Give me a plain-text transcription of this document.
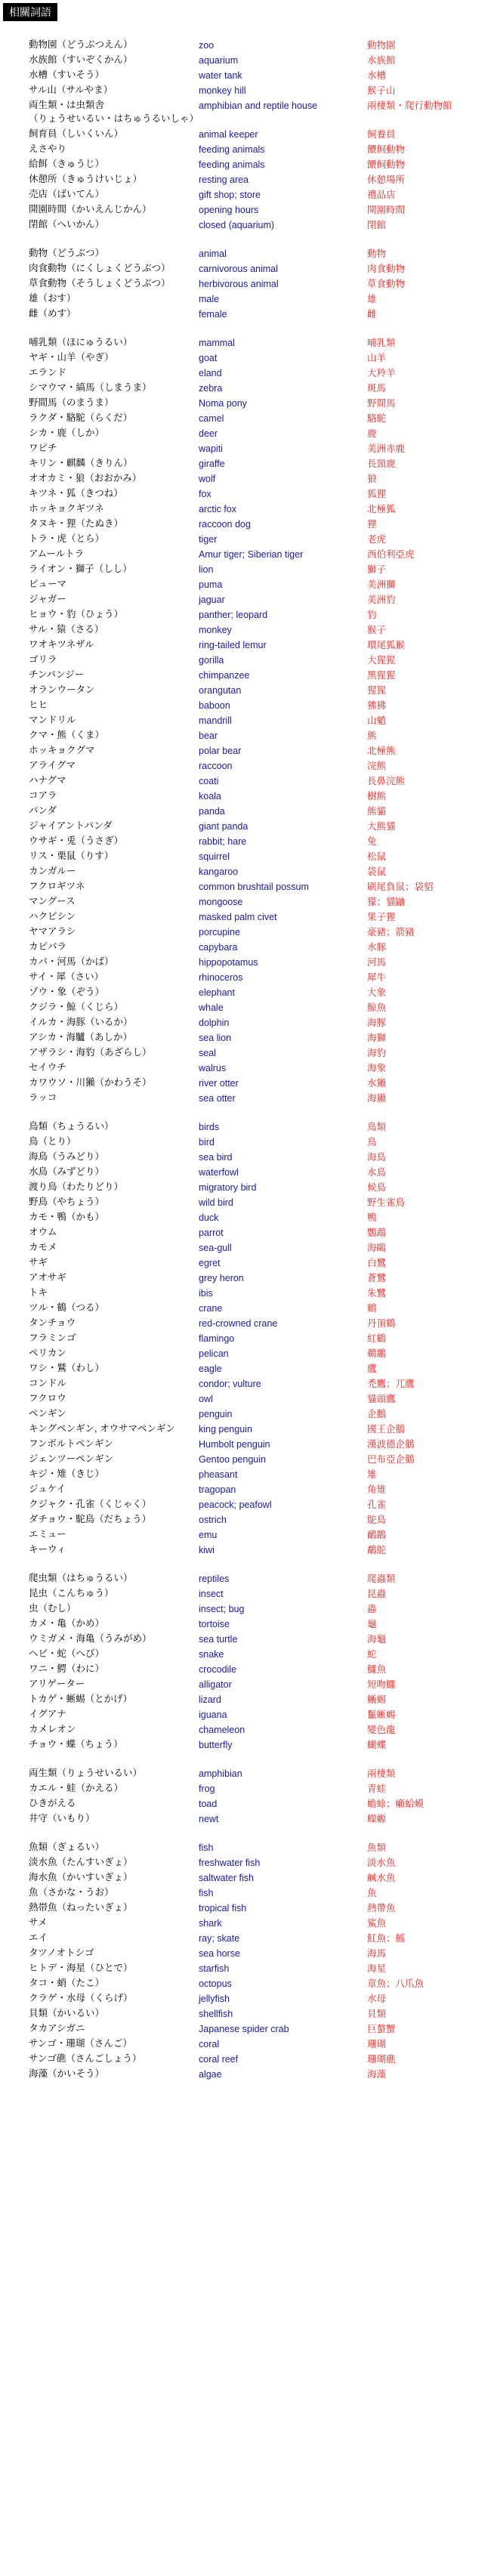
相關詞語
動物園（どうぶつえん）	zoo	動物園
水族館（すいぞくかん）	aquarium	水族館
水槽（すいそう）	water tank	水槽
サル山（サルやま）	monkey hill	猴子山
両生類・は虫類舎
（りょうせいるい・はちゅうるいしゃ）
amphibian and reptile house	兩棲類・爬行動物館
飼育員（しいくいん）	animal keeper	飼養員
えさやり	feeding animals	餵飼動物
給餌（きゅうじ）	feeding animals	餵飼動物
休憩所（きゅうけいじょ）	resting area	休憩場所
売店（ばいてん）	gift shop; store	禮品店
開園時間（かいえんじかん）	opening hours	開園時間
閉館（へいかん）	closed (aquarium)	閉館
動物（どうぶつ）	animal	動物
肉食動物（にくしょくどうぶつ）	carnivorous animal	肉食動物
草食動物（そうしょくどうぶつ）	herbivorous animal	草食動物
雄（おす）	male	雄
雌（めす）	female	雌
哺乳類（ほにゅうるい）	mammal	哺乳類
ヤギ・山羊（やぎ）	goat	山羊
エランド	eland	大羚羊
シマウマ・縞馬（しまうま）	zebra	斑馬
野間馬（のまうま）	Noma pony	野間馬
ラクダ・駱駝（らくだ）	camel	駱駝
シカ・鹿（しか）	deer	鹿
ワピチ	wapiti	美洲赤鹿
キリン・麒麟（きりん）	giraffe	長頸鹿
オオカミ・狼（おおかみ）	wolf	狼
キツネ・狐（きつね）	fox	狐狸
ホッキョクギツネ	arctic fox	北極狐
タヌキ・狸（たぬき）	raccoon dog	狸
トラ・虎（とら）	tiger	老虎
アムールトラ	Amur tiger; Siberian tiger	西伯利亞虎
ライオン・獅子（しし）	lion	獅子
ピューマ	puma	美洲獅
ジャガー	jaguar	美洲豹
ヒョウ・豹（ひょう）	panther; leopard	豹
サル・猿（さる）	monkey	猴子
ワオキツネザル	ring-tailed lemur	環尾狐猴
ゴリラ	gorilla	大猩猩
チンパンジー	chimpanzee	黑猩猩
オランウータン	orangutan	猩猩
ヒヒ	baboon	狒狒
マンドリル	mandrill	山魈
クマ・熊（くま）	bear	熊
ホッキョクグマ	polar bear	北極熊
アライグマ	raccoon	浣熊
ハナグマ	coati	長鼻浣熊
コアラ	koala	樹熊
パンダ	panda	熊貓
ジャイアントパンダ	giant panda	大熊貓
ウサギ・兎（うさぎ）	rabbit; hare	兔
リス・栗鼠（りす）	squirrel	松鼠
カンガルー	kangaroo	袋鼠
フクロギツネ	common brushtail possum	刷尾負鼠；袋貂
マングース	mongoose	獴；貓鼬
ハクビシン	masked palm civet	果子狸
ヤマアラシ	porcupine	豪豬；箭豬
カピバラ	capybara	水豚
カバ・河馬（かば）	hippopotamus	河馬
サイ・犀（さい）	rhinoceros	犀牛
ゾウ・象（ぞう）	elephant	大象
クジラ・鯨（くじら）	whale	鯨魚
イルカ・海豚（いるか）	dolphin	海豚
アシカ・海驢（あしか）	sea lion	海獅
アザラシ・海豹（あざらし）	seal	海豹
セイウチ	walrus	海象
カワウソ・川獺（かわうそ）	river otter	水獺
ラッコ	sea otter	海獺
鳥類（ちょうるい）	birds	鳥類
鳥（とり）	bird	鳥
海鳥（うみどり）	sea bird	海鳥
水鳥（みずどり）	waterfowl	水鳥
渡り鳥（わたりどり）	migratory bird	候鳥
野鳥（やちょう）	wild bird	野生雀鳥
カモ・鴨（かも）	duck	鴨
オウム	parrot	鸚鵡
カモメ	sea-gull	海鷗
サギ	egret	白鷺
アオサギ	grey heron	蒼鷺
トキ	ibis	朱鷺
ツル・鶴（つる）	crane	鶴
タンチョウ	red-crowned crane	丹頂鶴
フラミンゴ	flamingo	紅鶴
ペリカン	pelican	鵜鶘
ワシ・鷲（わし）	eagle	鷹
コンドル	condor; vulture	禿鷹；兀鷹
フクロウ	owl	貓頭鷹
ペンギン	penguin	企鵝
キングペンギン, オウサマペンギン king penguin	國王企鵝
フンボルトペンギン	Humbolt penguin	漢波德企鵝
ジェンツーペンギン	Gentoo penguin	巴布亞企鵝
キジ・雉（きじ）	pheasant	雉
ジュケイ	tragopan	角雉
クジャク・孔雀（くじゃく）	peacock; peafowl	孔雀
ダチョウ・駝鳥（だちょう）	ostrich	鴕鳥
エミュー	emu	鴯鶓
キーウィ	kiwi	鷸鴕
爬虫類（はちゅうるい）	reptiles	爬蟲類
昆虫（こんちゅう）	insect	昆蟲
虫（むし）	insect; bug	蟲
カメ・亀（かめ）	tortoise	龜
ウミガメ・海亀（うみがめ）	sea turtle	海龜
ヘビ・蛇（へび）	snake	蛇
ワニ・鰐（わに）	crocodile	鱷魚
アリゲーター	alligator	短吻鱷
トカゲ・蜥蜴（とかげ）	lizard	蜥蜴
イグアナ	iguana	鬣蜥蜴
カメレオン	chameleon	變色龍
チョウ・蝶（ちょう）	butterfly	蝴蝶
両生類（りょうせいるい）	amphibian	兩棲類
カエル・蛙（かえる）	frog	青蛙
ひきがえる	toad	蟾蜍；癩蛤蟆
井守（いもり）	newt	蠑螈
魚類（ぎょるい）	fish	魚類
淡水魚（たんすいぎょ）	freshwater fish	淡水魚
海水魚（かいすいぎょ）	saltwater fish	鹹水魚
魚（さかな・うお）	fish	魚
熱帯魚（ねったいぎょ）	tropical fish	熱帶魚
サメ	shark	鯊魚
エイ	ray; skate	魟魚；鰩
タツノオトシゴ	sea horse	海馬
ヒトデ・海星（ひとで）	starfish	海星
タコ・蛸（たこ）	octopus	章魚；八爪魚
クラゲ・水母（くらげ）	jellyfish	水母
貝類（かいるい）	shellfish	貝類
タカアシガニ	Japanese spider crab	巨螯蟹
サンゴ・珊瑚（さんご）	coral	珊瑚
サンゴ礁（さんごしょう）	coral reef	珊瑚礁
海藻（かいそう）	algae	海藻
